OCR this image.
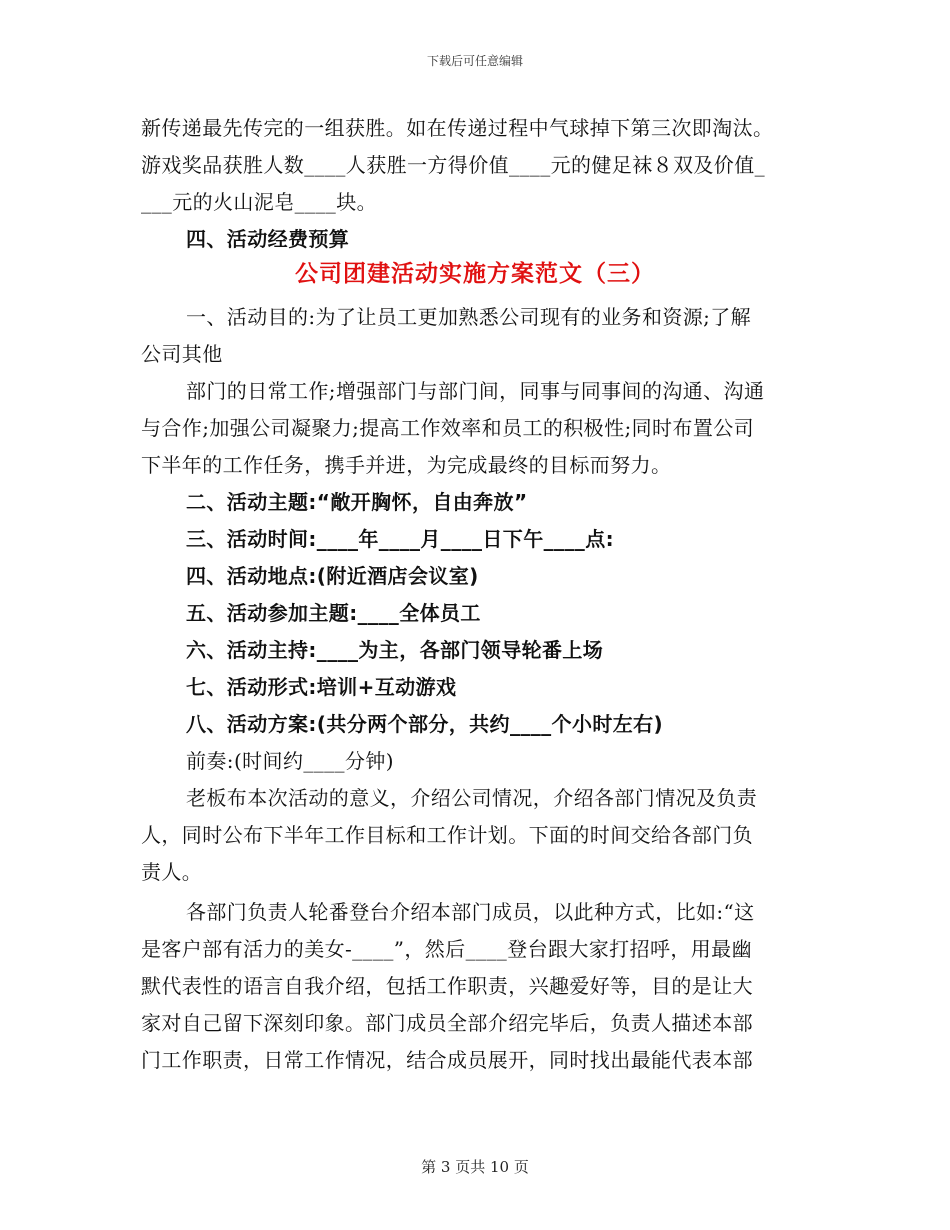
下载后可任意编辑
新传递最先传完的一组获胜。如在传递过程中气球掉下第三次即淘汰。
游戏奖品获胜人数____人获胜一方得价值____元的健足袜８双及价值_
___元的火山泥皂____块。
四、活动经费预算
公司团建活动实施方案范文（三）
一、活动目的:为了让员工更加熟悉公司现有的业务和资源;了解
公司其他
部门的日常工作;增强部门与部门间，同事与同事间的沟通、沟通
与合作;加强公司凝聚力;提高工作效率和员工的积极性;同时布置公司
下半年的工作任务，携手并进，为完成最终的目标而努力。
二、活动主题:“敞开胸怀，自由奔放”
三、活动时间:____年____月____日下午____点:
四、活动地点:(附近酒店会议室)
五、活动参加主题:____全体员工
六、活动主持:____为主，各部门领导轮番上场
七、活动形式:培训+互动游戏
八、活动方案:(共分两个部分，共约____个小时左右)
前奏:(时间约____分钟)
老板布本次活动的意义，介绍公司情况，介绍各部门情况及负责
人，同时公布下半年工作目标和工作计划。下面的时间交给各部门负
责人。
各部门负责人轮番登台介绍本部门成员，以此种方式，比如:“这
是客户部有活力的美女-____”，然后____登台跟大家打招呼，用最幽
默代表性的语言自我介绍，包括工作职责，兴趣爱好等，目的是让大
家对自己留下深刻印象。部门成员全部介绍完毕后，负责人描述本部
门工作职责，日常工作情况，结合成员展开，同时找出最能代表本部
第 3 页共 10 页
